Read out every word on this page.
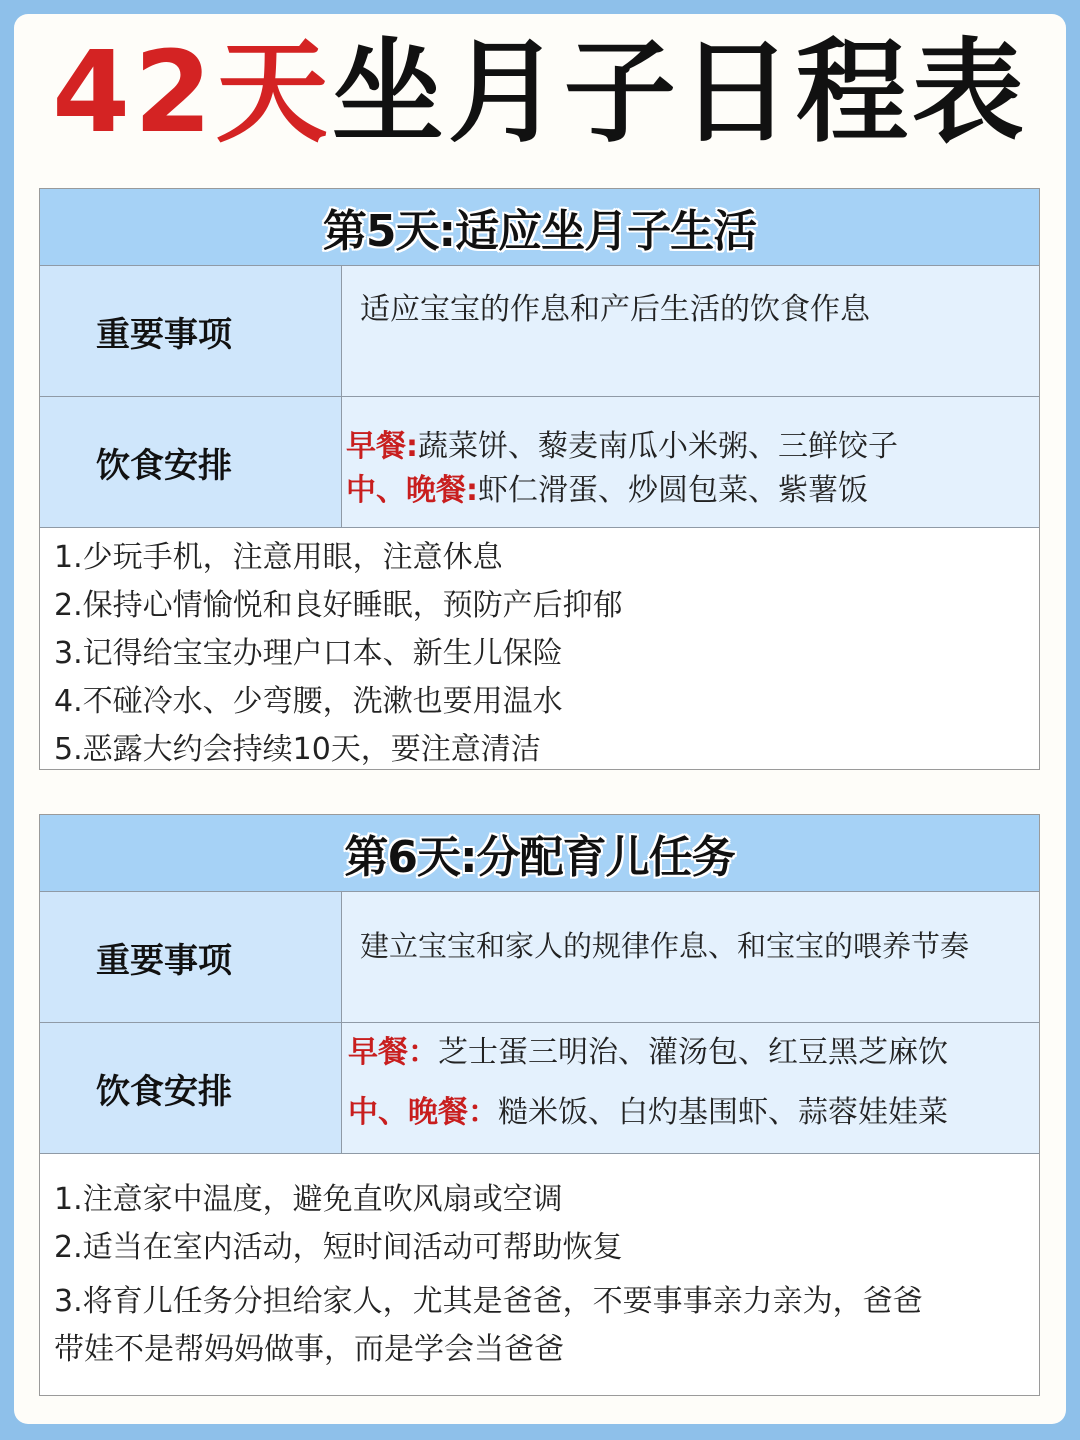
42天坐月子日程表
第5天:适应坐月子生活
重要事项
适应宝宝的作息和产后生活的饮食作息
饮食安排	早餐:蔬菜饼、藜麦南瓜小米粥、三鲜饺子
中、晚餐:虾仁滑蛋、炒圆包菜、紫薯饭
1.少玩手机，注意用眼，注意休息
2.保持心情愉悦和良好睡眠，预防产后抑郁
3.记得给宝宝办理户口本、新生儿保险
4.不碰冷水、少弯腰，洗漱也要用温水
5.恶露大约会持续10天，要注意清洁
第6天:分配育儿任务
重要事项	建立宝宝和家人的规律作息、和宝宝的喂养节奏
饮食安排
早餐：芝士蛋三明治、灌汤包、红豆黑芝麻饮
中、晚餐：糙米饭、白灼基围虾、蒜蓉娃娃菜
1.注意家中温度，避免直吹风扇或空调
2.适当在室内活动，短时间活动可帮助恢复
3.将育儿任务分担给家人，尤其是爸爸，不要事事亲力亲为，爸爸
带娃不是帮妈妈做事，而是学会当爸爸
